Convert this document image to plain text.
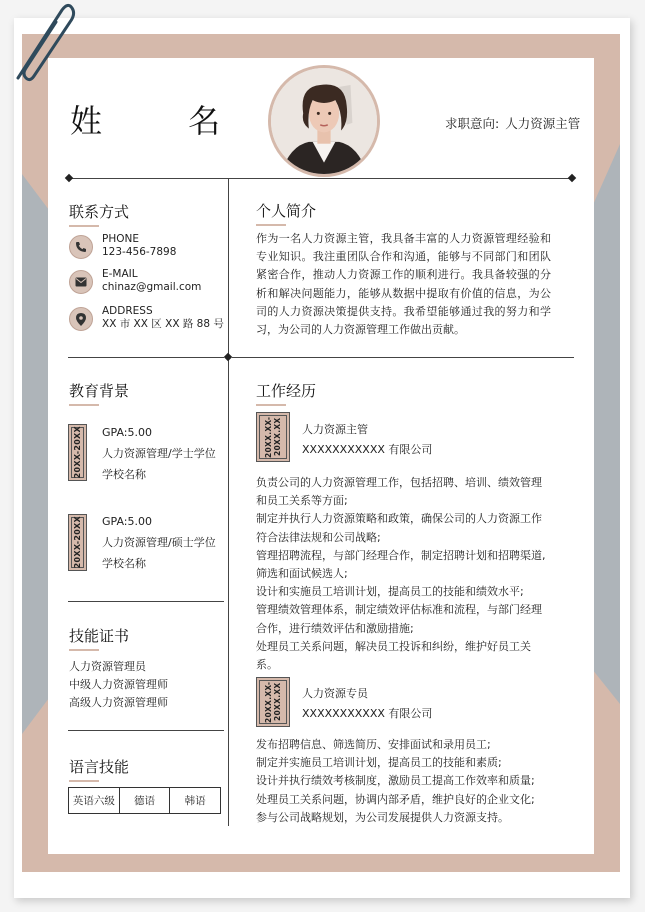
姓 名	求职意向: 人力资源主管
联系方式
PHONE
123-456-7898
E-MAIL
chinaz@gmail.com
ADDRESS
XX 市 XX 区 XX 路 88 号
教育背景
20XX-20XX GPA:5.00
人力资源管理/学士学位
学校名称
20XX-20XX GPA:5.00
人力资源管理/硕士学位
学校名称
技能证书
人力资源管理员
中级人力资源管理师
高级人力资源管理师
语言技能
英语六级	德语	韩语
个人简介
作为一名人力资源主管，我具备丰富的人力资源管理经验和专业知识。我注重团队合作和沟通，能够与不同部门和团队紧密合作，推动人力资源工作的顺利进行。我具备较强的分析和解决问题能力，能够从数据中提取有价值的信息，为公司的人力资源决策提供支持。我希望能够通过我的努力和学习，为公司的人力资源管理工作做出贡献。
工作经历
20XX.XX-20XX.XX 人力资源主管
XXXXXXXXXXX 有限公司
负责公司的人力资源管理工作，包括招聘、培训、绩效管理
和员工关系等方面;
制定并执行人力资源策略和政策，确保公司的人力资源工作
符合法律法规和公司战略;
管理招聘流程，与部门经理合作，制定招聘计划和招聘渠道,
筛选和面试候选人;
设计和实施员工培训计划，提高员工的技能和绩效水平;
管理绩效管理体系，制定绩效评估标准和流程，与部门经理
合作，进行绩效评估和激励措施;
处理员工关系问题，解决员工投诉和纠纷，维护好员工关系。
20XX.XX-20XX.XX 人力资源专员
XXXXXXXXXXX 有限公司
发布招聘信息、筛选简历、安排面试和录用员工;
制定并实施员工培训计划，提高员工的技能和素质;
设计并执行绩效考核制度，激励员工提高工作效率和质量;
处理员工关系问题，协调内部矛盾，维护良好的企业文化;
参与公司战略规划，为公司发展提供人力资源支持。
